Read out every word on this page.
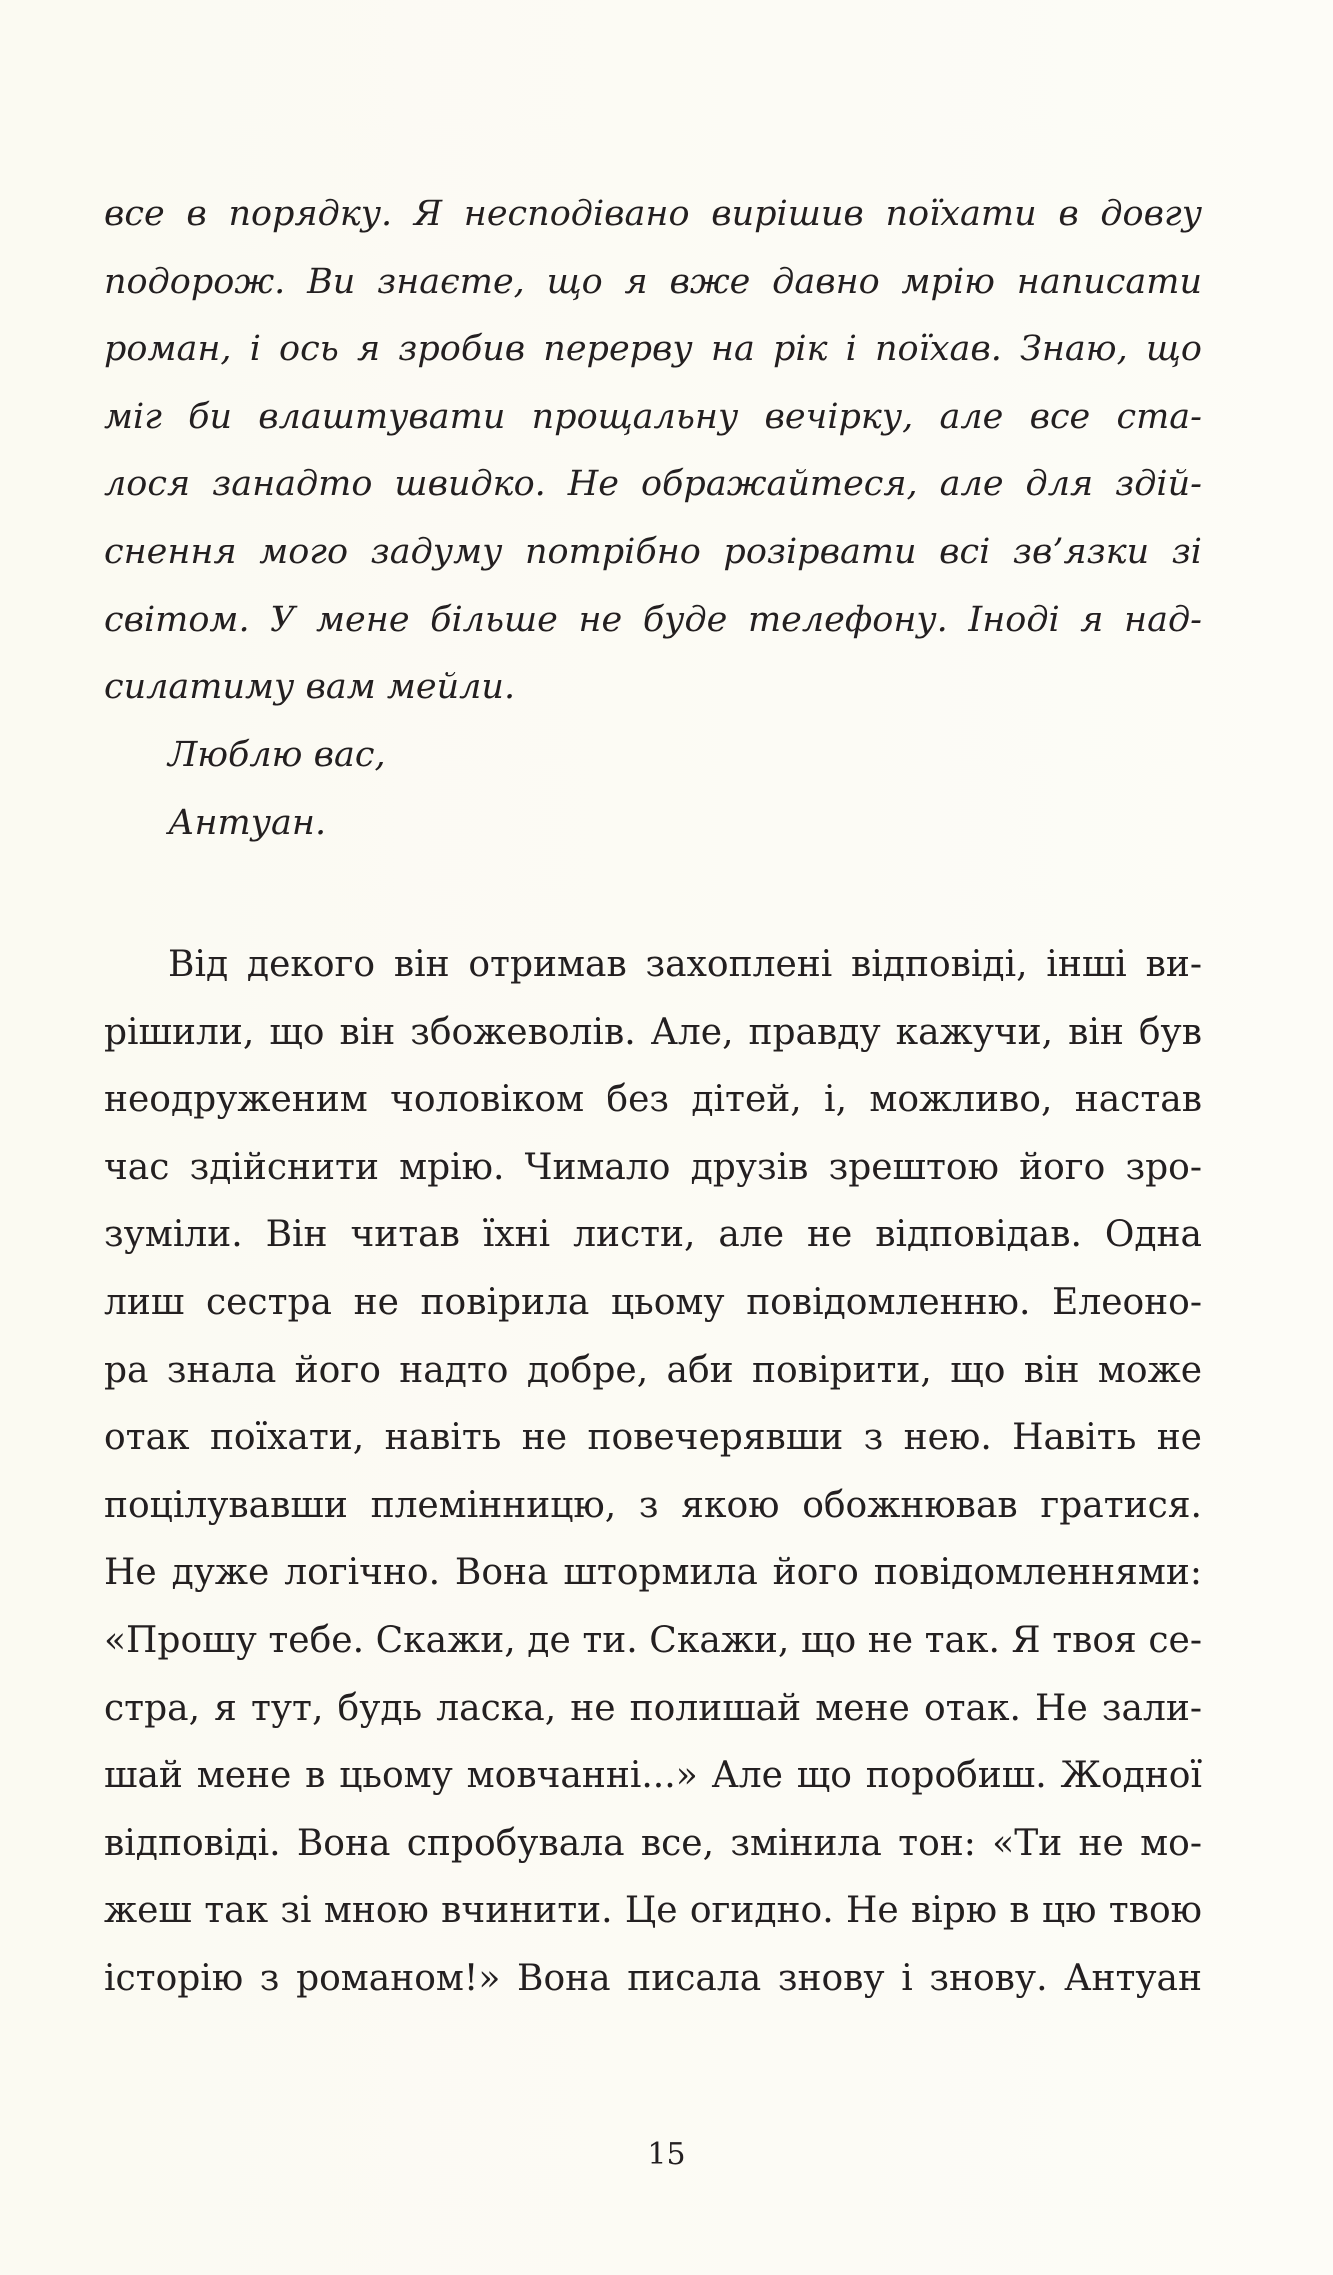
все в порядку. Я несподівано вирішив поїхати в довгу
подорож. Ви знаєте, що я вже давно мрію написати
роман, і ось я зробив перерву на рік і поїхав. Знаю, що
міг би влаштувати прощальну вечірку, але все ста-
лося занадто швидко. Не ображайтеся, але для здій-
снення мого задуму потрібно розірвати всі зв’язки зі
світом. У мене більше не буде телефону. Іноді я над-
силатиму вам мейли.
Люблю вас,
Антуан.
Від декого він отримав захоплені відповіді, інші ви-
рішили, що він збожеволів. Але, правду кажучи, він був
неодруженим чоловіком без дітей, і, можливо, настав
час здійснити мрію. Чимало друзів зрештою його зро-
зуміли. Він читав їхні листи, але не відповідав. Одна
лиш сестра не повірила цьому повідомленню. Елеоно-
ра знала його надто добре, аби повірити, що він може
отак поїхати, навіть не повечерявши з нею. Навіть не
поцілувавши племінницю, з якою обожнював гратися.
Не дуже логічно. Вона штормила його повідомленнями:
«Прошу тебе. Скажи, де ти. Скажи, що не так. Я твоя се-
стра, я тут, будь ласка, не полишай мене отак. Не зали-
шай мене в цьому мовчанні...» Але що поробиш. Жодної
відповіді. Вона спробувала все, змінила тон: «Ти не мо-
жеш так зі мною вчинити. Це огидно. Не вірю в цю твою
історію з романом!» Вона писала знову і знову. Антуан
15
